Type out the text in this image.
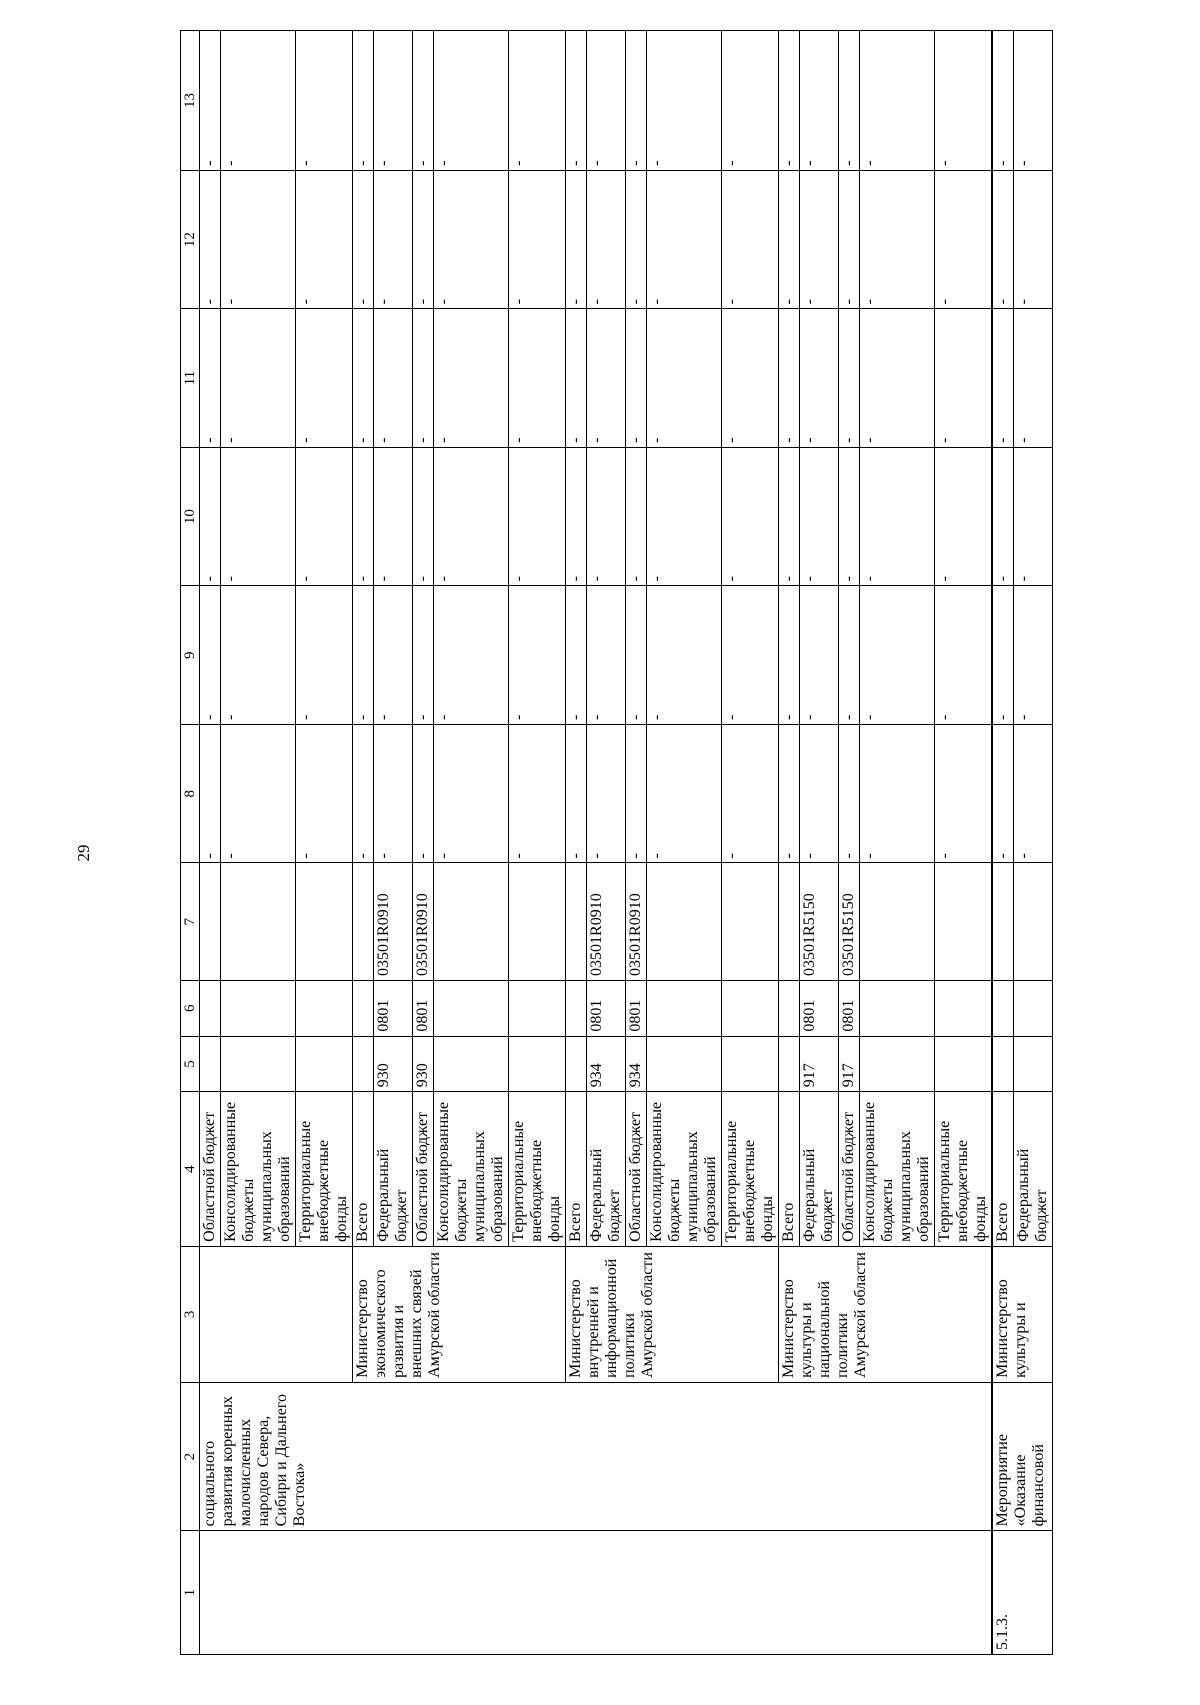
29
1	2	3	4	5	6	7	8	9	10	11	12	13
	социального развития коренных малочисленных народов Севера, Сибири и Дальнего Востока»		Областной бюджет				-	-	-	-	-	-
			Консолидированные бюджеты муниципальных образований				-	-	-	-	-	-
			Территориальные внебюджетные фонды				-	-	-	-	-	-
		Министерство экономического развития и внешних связей Амурской области	Всего				-	-	-	-	-	-
			Федеральный бюджет	930	0801	03501R0910	-	-	-	-	-	-
			Областной бюджет	930	0801	03501R0910	-	-	-	-	-	-
			Консолидированные бюджеты муниципальных образований				-	-	-	-	-	-
			Территориальные внебюджетные фонды				-	-	-	-	-	-
		Министерство внутренней и информационной политики Амурской области	Всего				-	-	-	-	-	-
			Федеральный бюджет	934	0801	03501R0910	-	-	-	-	-	-
			Областной бюджет	934	0801	03501R0910	-	-	-	-	-	-
			Консолидированные бюджеты муниципальных образований				-	-	-	-	-	-
			Территориальные внебюджетные фонды				-	-	-	-	-	-
		Министерство культуры и национальной политики Амурской области	Всего				-	-	-	-	-	-
			Федеральный бюджет	917	0801	03501R5150	-	-	-	-	-	-
			Областной бюджет	917	0801	03501R5150	-	-	-	-	-	-
			Консолидированные бюджеты муниципальных образований				-	-	-	-	-	-
			Территориальные внебюджетные фонды				-	-	-	-	-	-
5.1.3.	Мероприятие «Оказание финансовой	Министерство культуры и	Всего				-	-	-	-	-	-
			Федеральный бюджет				-	-	-	-	-	-
